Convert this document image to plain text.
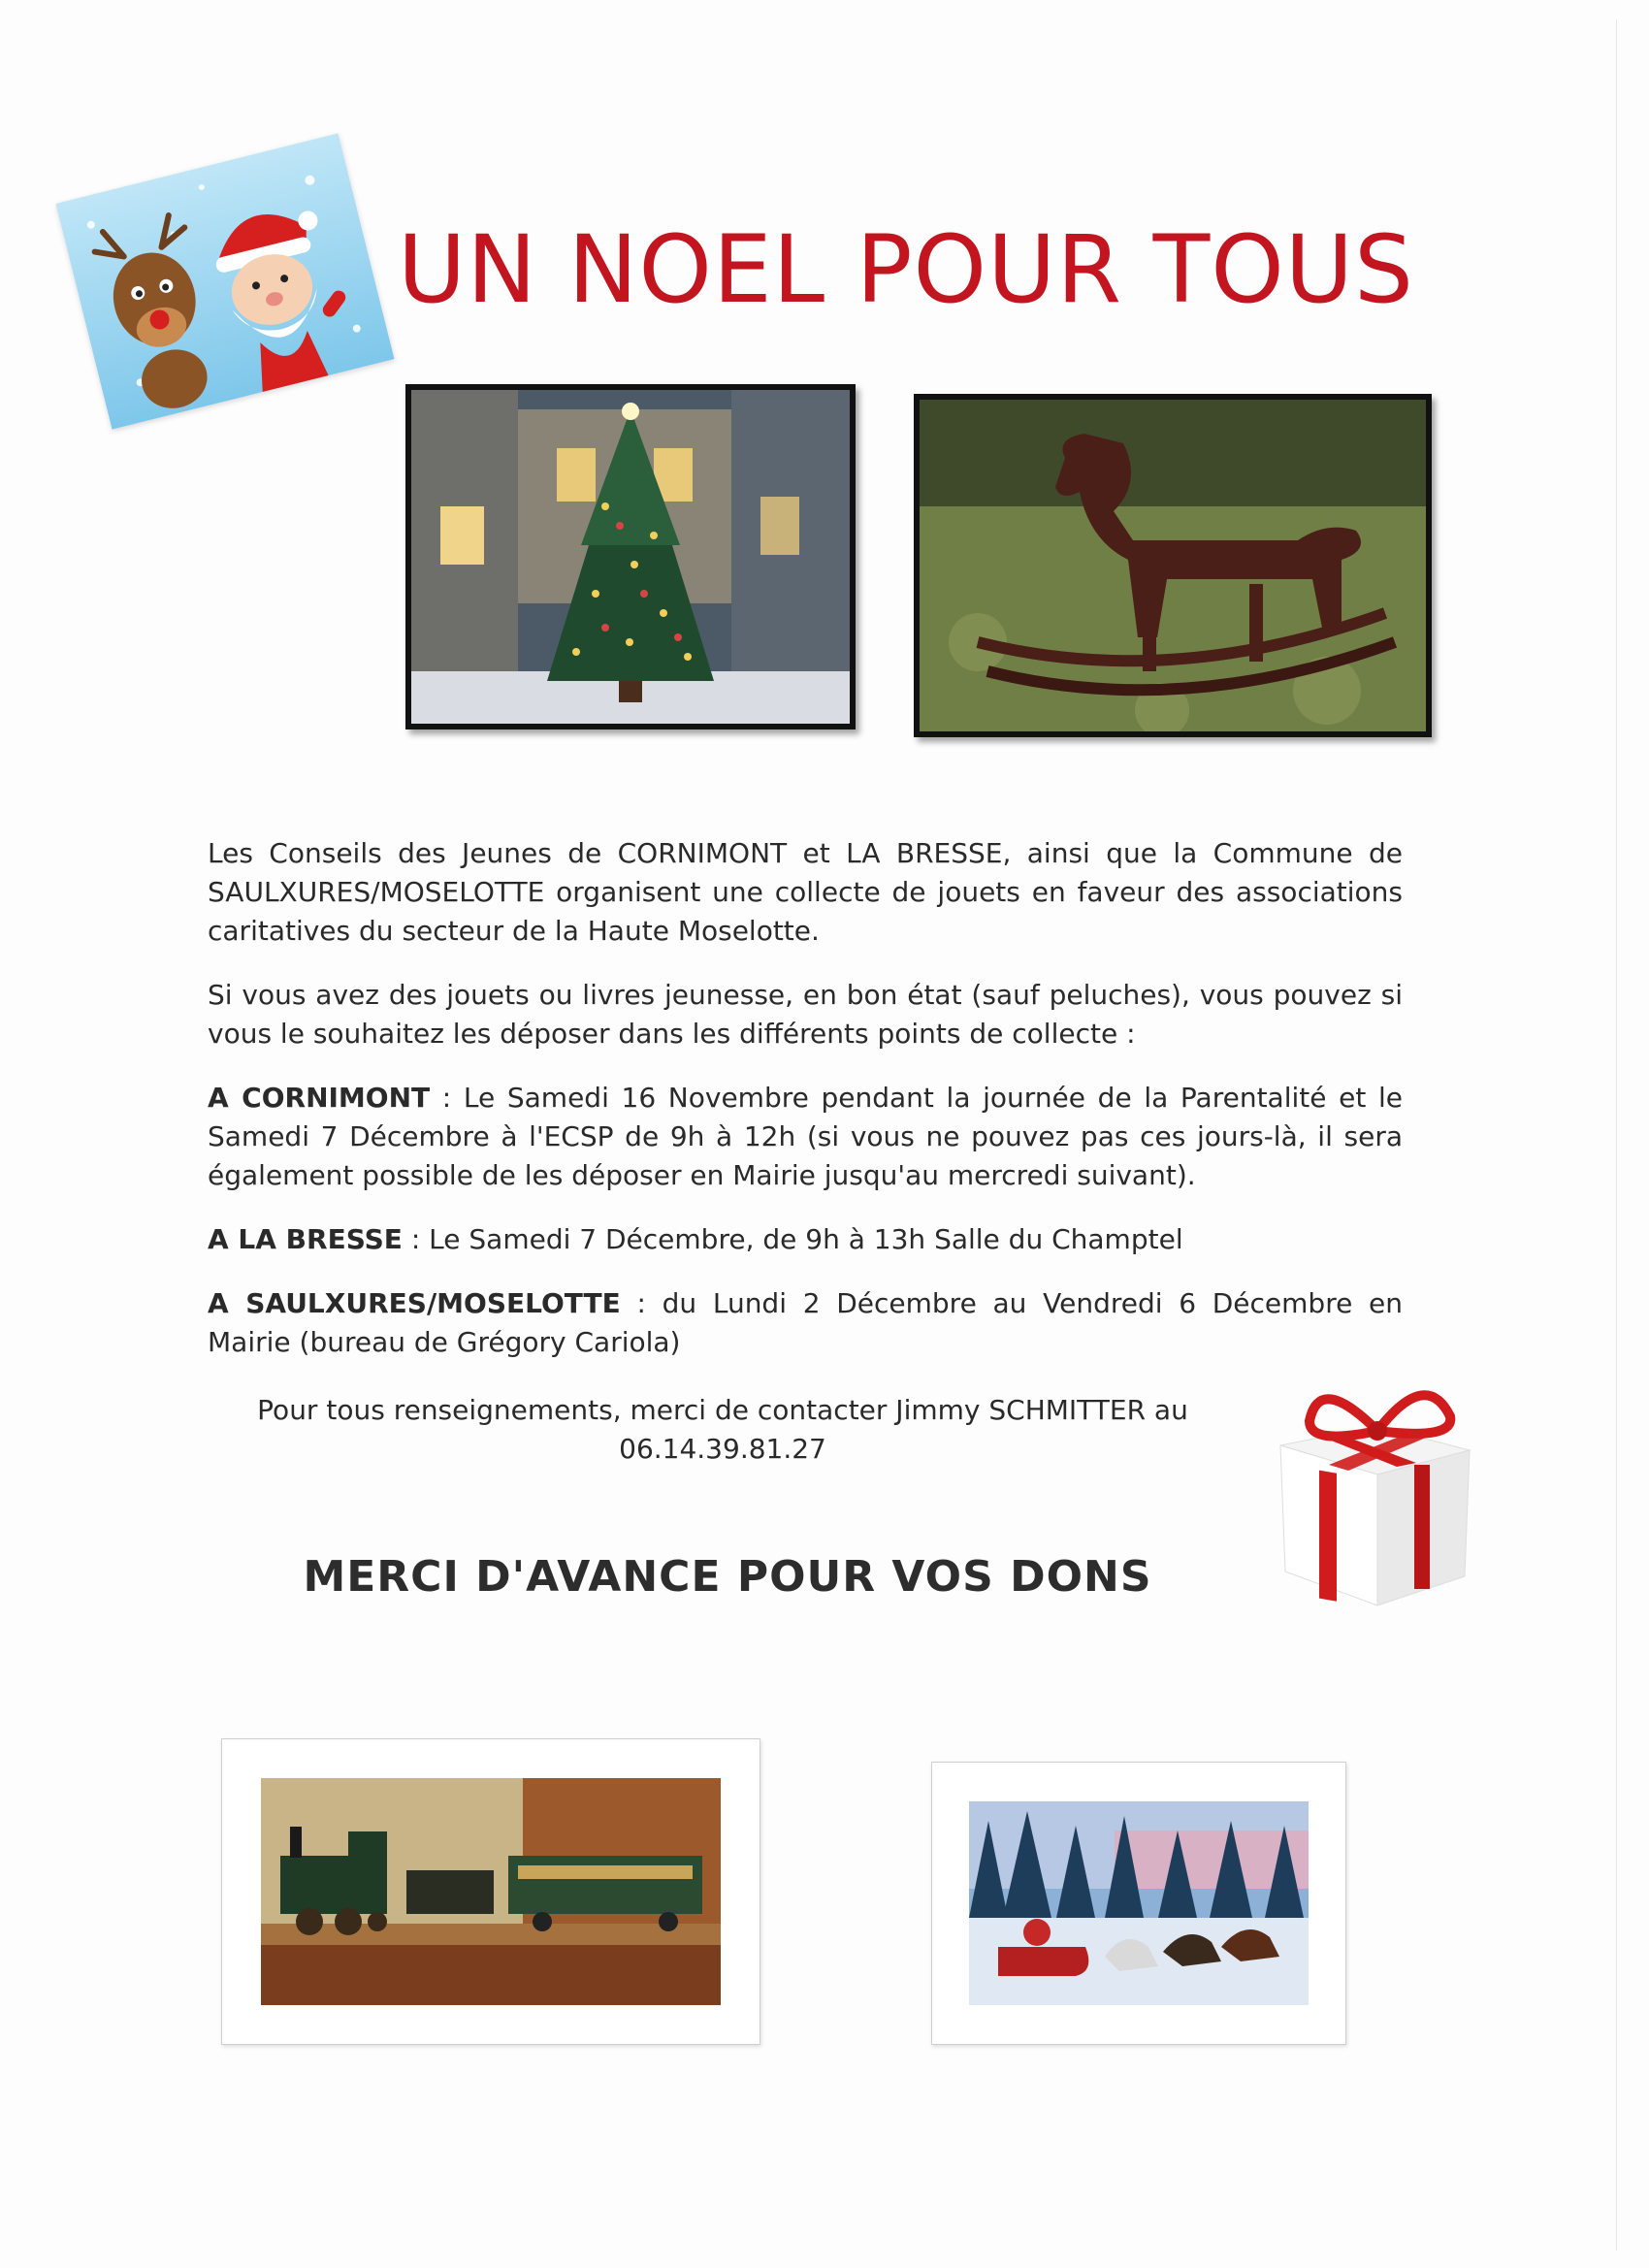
UN NOEL POUR TOUS

Les Conseils des Jeunes de CORNIMONT et LA BRESSE, ainsi que la Commune de SAULXURES/MOSELOTTE organisent une collecte de jouets en faveur des associations caritatives du secteur de la Haute Moselotte.

Si vous avez des jouets ou livres jeunesse, en bon état (sauf peluches), vous pouvez si vous le souhaitez les déposer dans les différents points de collecte :

A CORNIMONT : Le Samedi 16 Novembre pendant la journée de la Parentalité et le Samedi 7 Décembre à l'ECSP de 9h à 12h (si vous ne pouvez pas ces jours-là, il sera également possible de les déposer en Mairie jusqu'au mercredi suivant).

A LA BRESSE : Le Samedi 7 Décembre, de 9h à 13h Salle du Champtel

A SAULXURES/MOSELOTTE : du Lundi 2 Décembre au Vendredi 6 Décembre en Mairie (bureau de Grégory Cariola)

Pour tous renseignements, merci de contacter Jimmy SCHMITTER au
06.14.39.81.27
MERCI D'AVANCE POUR VOS DONS
